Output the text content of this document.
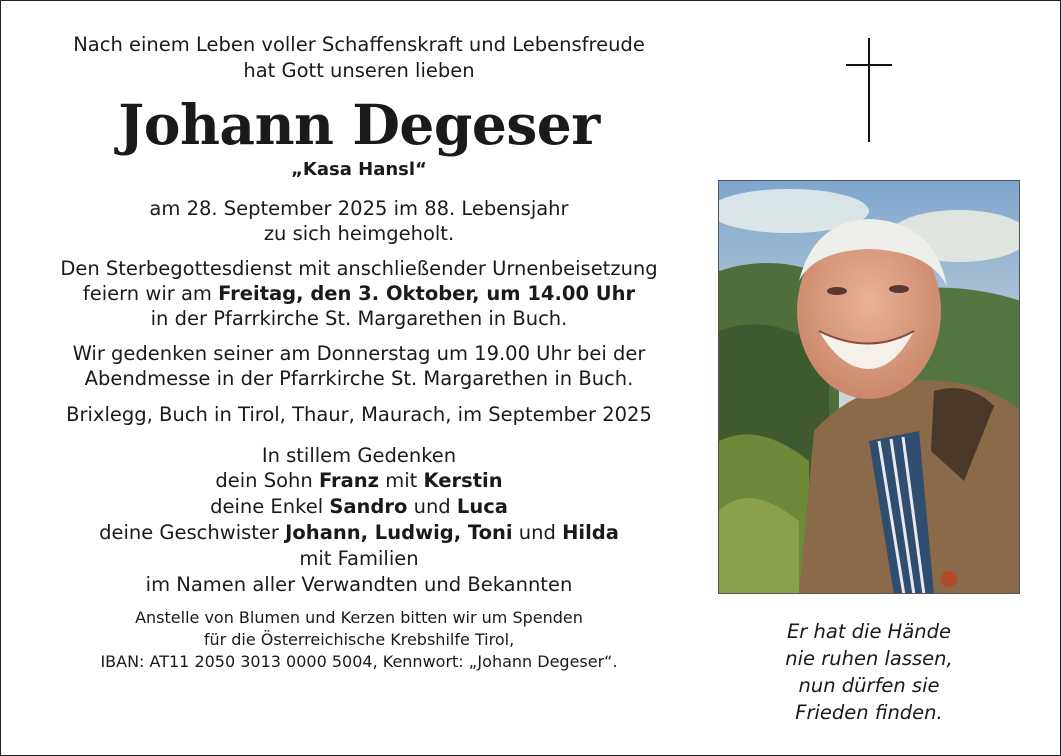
Nach einem Leben voller Schaffenskraft und Lebensfreude
hat Gott unseren lieben
Johann Degeser
„Kasa Hansl“
am 28. September 2025 im 88. Lebensjahr
zu sich heimgeholt.
Den Sterbegottesdienst mit anschließender Urnenbeisetzung
feiern wir am Freitag, den 3. Oktober, um 14.00 Uhr
in der Pfarrkirche St. Margarethen in Buch.
Wir gedenken seiner am Donnerstag um 19.00 Uhr bei der
Abendmesse in der Pfarrkirche St. Margarethen in Buch.
Brixlegg, Buch in Tirol, Thaur, Maurach, im September 2025
In stillem Gedenken
dein Sohn Franz mit Kerstin
deine Enkel Sandro und Luca
deine Geschwister Johann, Ludwig, Toni und Hilda
mit Familien
im Namen aller Verwandten und Bekannten
Anstelle von Blumen und Kerzen bitten wir um Spenden
für die Österreichische Krebshilfe Tirol,
IBAN: AT11 2050 3013 0000 5004, Kennwort: „Johann Degeser“.
Er hat die Hände
nie ruhen lassen,
nun dürfen sie
Frieden finden.
